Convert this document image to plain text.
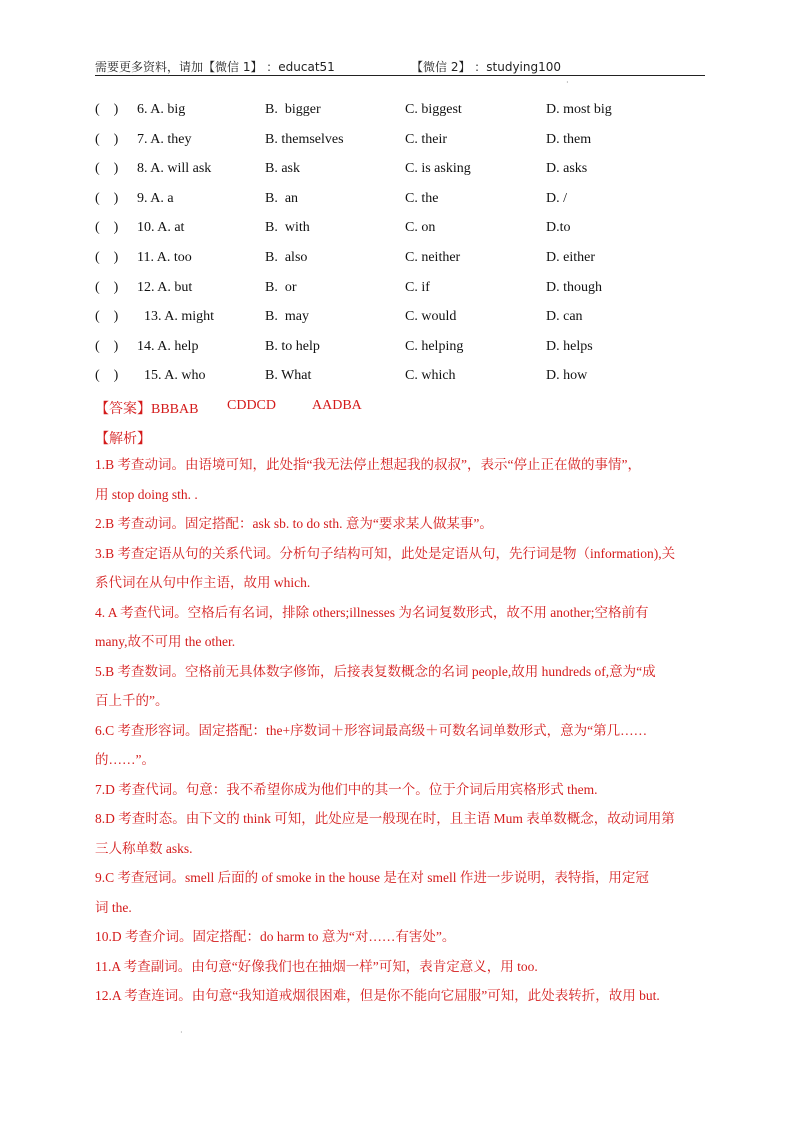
需要更多资料，请加【微信 1】 ：educat51	【微信 2】 ：studying100
·
(    ) 6. A. big	B.  bigger	C. biggest	D. most big
(    ) 7. A. they	B. themselves	C. their	D. them
(    ) 8. A. will ask	B. ask	C. is asking	D. asks
(    ) 9. A. a	B.  an	C. the	D. /
(    ) 10. A. at	B.  with	C. on	D.to
(    ) 11. A. too	B.  also	C. neither	D. either
(    ) 12. A. but	B.  or	C. if	D. though
(    ) 13. A. might	B.  may	C. would	D. can
(    ) 14. A. help	B. to help	C. helping	D. helps
(    ) 15. A. who	B. What	C. which	D. how

【答案】BBBAB

CDDCD

	AADBA

【解析】
1.B 考查动词。由语境可知，此处指“我无法停止想起我的叔叔”，表示“停止正在做的事情”，
用 stop doing sth. .
2.B 考查动词。固定搭配：ask sb. to do sth. 意为“要求某人做某事”。
3.B 考查定语从句的关系代词。分析句子结构可知，此处是定语从句，先行词是物（information),关
系代词在从句中作主语，故用 which.
4. A 考查代词。空格后有名词，排除 others;illnesses 为名词复数形式，故不用 another;空格前有
many,故不可用 the other.
5.B 考查数词。空格前无具体数字修饰，后接表复数概念的名词 people,故用 hundreds of,意为“成
百上千的”。
6.C 考查形容词。固定搭配：the+序数词＋形容词最高级＋可数名词单数形式，意为“第几……
的……”。
7.D 考查代词。句意：我不希望你成为他们中的其一个。位于介词后用宾格形式 them.
8.D 考查时态。由下文的 think 可知，此处应是一般现在时，且主语 Mum 表单数概念，故动词用第
三人称单数 asks.
9.C 考查冠词。smell 后面的 of smoke in the house 是在对 smell 作进一步说明，表特指，用定冠
词 the.
10.D 考查介词。固定搭配：do harm to 意为“对……有害处”。
11.A 考查副词。由句意“好像我们也在抽烟一样”可知，表肯定意义，用 too.
12.A 考查连词。由句意“我知道戒烟很困难，但是你不能向它屈服”可知，此处表转折，故用 but.
·
